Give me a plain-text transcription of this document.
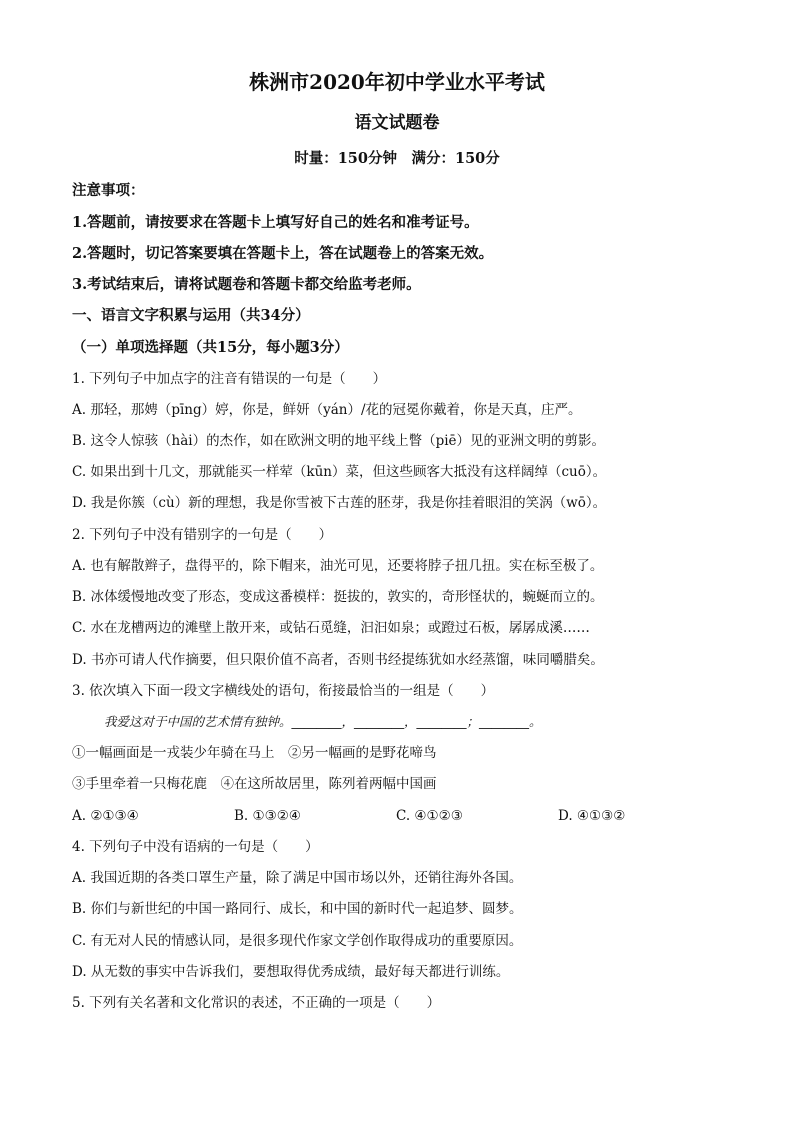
株洲市2020年初中学业水平考试
语文试题卷
时量：150分钟　满分：150分
注意事项：
1.答题前，请按要求在答题卡上填写好自己的姓名和准考证号。
2.答题时，切记答案要填在答题卡上，答在试题卷上的答案无效。
3.考试结束后，请将试题卷和答题卡都交给监考老师。
一、语言文字积累与运用（共34分）
（一）单项选择题（共15分，每小题3分）
1. 下列句子中加点字的注音有错误的一句是（　　）
A. 那轻，那娉（pīng）婷，你是，鲜妍（yán）/花的冠冕你戴着，你是天真，庄严。
B. 这令人惊骇（hài）的杰作，如在欧洲文明的地平线上瞥（piē）见的亚洲文明的剪影。
C. 如果出到十几文，那就能买一样荤（kūn）菜，但这些顾客大抵没有这样阔绰（cuō）。
D. 我是你簇（cù）新的理想，我是你雪被下古莲的胚芽，我是你挂着眼泪的笑涡（wō）。
2. 下列句子中没有错别字的一句是（　　）
A. 也有解散辫子，盘得平的，除下帽来，油光可见，还要将脖子扭几扭。实在标至极了。
B. 冰体缓慢地改变了形态，变成这番模样：挺拔的，敦实的，奇形怪状的，蜿蜒而立的。
C. 水在龙槽两边的滩壁上散开来，或钻石觅缝，汩汩如泉；或蹬过石板，孱孱成溪……
D. 书亦可请人代作摘要，但只限价值不高者，否则书经提练犹如水经蒸馏，味同嚼腊矣。
3. 依次填入下面一段文字横线处的语句，衔接最恰当的一组是（　　）
我爱这对于中国的艺术情有独钟。________，________，________；________。
①一幅画面是一戎装少年骑在马上　②另一幅画的是野花啼鸟
③手里牵着一只梅花鹿　④在这所故居里，陈列着两幅中国画
A. ②①③④	B. ①③②④	C. ④①②③	D. ④①③②
4. 下列句子中没有语病的一句是（　　）
A. 我国近期的各类口罩生产量，除了满足中国市场以外，还销往海外各国。
B. 你们与新世纪的中国一路同行、成长，和中国的新时代一起追梦、圆梦。
C. 有无对人民的情感认同，是很多现代作家文学创作取得成功的重要原因。
D. 从无数的事实中告诉我们，要想取得优秀成绩，最好每天都进行训练。
5. 下列有关名著和文化常识的表述，不正确的一项是（　　）
